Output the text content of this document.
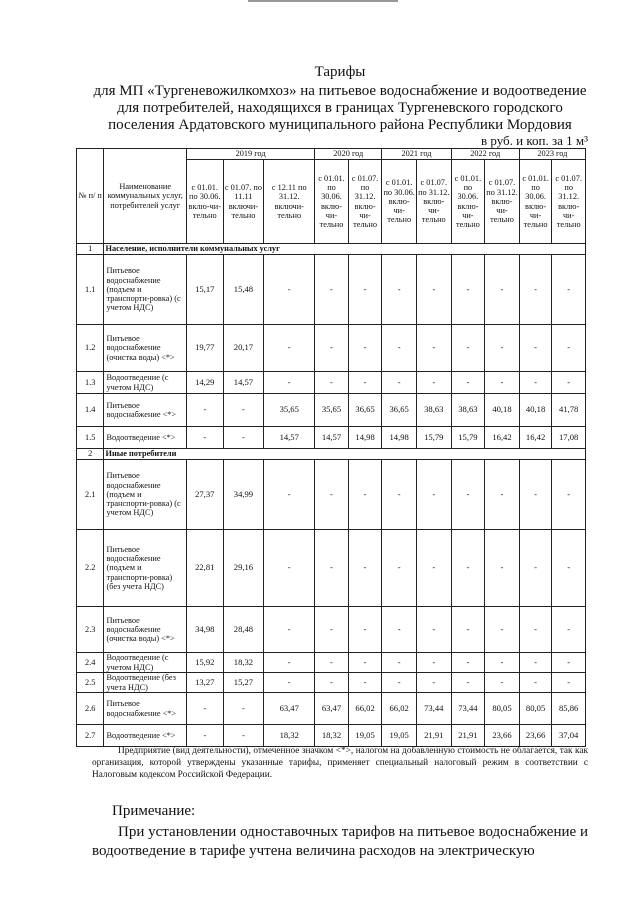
Тарифы
для МП «Тургеневожилкомхоз» на питьевое водоснабжение и водоотведение
для потребителей, находящихся в границах Тургеневского городского
поселения Ардатовского муниципального района Республики Мордовия
в руб. и коп. за 1 м³
№ п/ п	Наименование коммунальных услуг, потребителей услуг	2019 год			2020 год		2021 год		2022 год		2023 год	
		с 01.01. по 30.06. вклю-чи-тельно	с 01.07. по 11.11 включи-тельно	с 12.11 по 31.12. включи-тельно	с 01.01. по 30.06. вклю-чи-тельно	с 01.07. по 31.12. вклю-чи-тельно	с 01.01. по 30.06. вклю-чи-тельно	с 01.07. по 31.12. вклю-чи-тельно	с 01.01. по 30.06. вклю-чи-тельно	с 01.07. по 31.12. вклю-чи-тельно	с 01.01. по 30.06. вклю-чи-тельно	с 01.07. по 31.12. вклю-чи-тельно
1	Население, исполнители коммунальных услуг											
1.1	Питьевое водоснабжение (подъем и транспорти-ровка) (с учетом НДС)	15,17	15,48	-	-	-	-	-	-	-	-	-
1.2	Питьевое водоснабжение (очистка воды) <*>	19,77	20,17	-	-	-	-	-	-	-	-	-
1.3	Водоотведение (с учетом НДС)	14,29	14,57	-	-	-	-	-	-	-	-	-
1.4	Питьевое водоснабжение <*>	-	-	35,65	35,65	36,65	36,65	38,63	38,63	40,18	40,18	41,78
1.5	Водоотведение <*>	-	-	14,57	14,57	14,98	14,98	15,79	15,79	16,42	16,42	17,08
2	Иные потребители											
2.1	Питьевое водоснабжение (подъем и транспорти-ровка) (с учетом НДС)	27,37	34,99	-	-	-	-	-	-	-	-	-
2.2	Питьевое водоснабжение (подъем и транспорти-ровка) (без учета НДС)	22,81	29,16	-	-	-	-	-	-	-	-	-
2.3	Питьевое водоснабжение (очистка воды) <*>	34,98	28,48	-	-	-	-	-	-	-	-	-
2.4	Водоотведение (с учетом НДС)	15,92	18,32	-	-	-	-	-	-	-	-	-
2.5	Водоотведение (без учета НДС)	13,27	15,27	-	-	-	-	-	-	-	-	-
2.6	Питьевое водоснабжение <*>	-	-	63,47	63,47	66,02	66,02	73,44	73,44	80,05	80,05	85,86
2.7	Водоотведение <*>	-	-	18,32	18,32	19,05	19,05	21,91	21,91	23,66	23,66	37,04
Предприятие (вид деятельности), отмеченное значком <*>, налогом на добавленную стоимость не облагается, так как организация, которой утверждены указанные тарифы, применяет специальный налоговый режим в соответствии с Налоговым кодексом Российской Федерации.
Примечание:
При установлении одноставочных тарифов на питьевое водоснабжение и водоотведение в тарифе учтена величина расходов на электрическую
